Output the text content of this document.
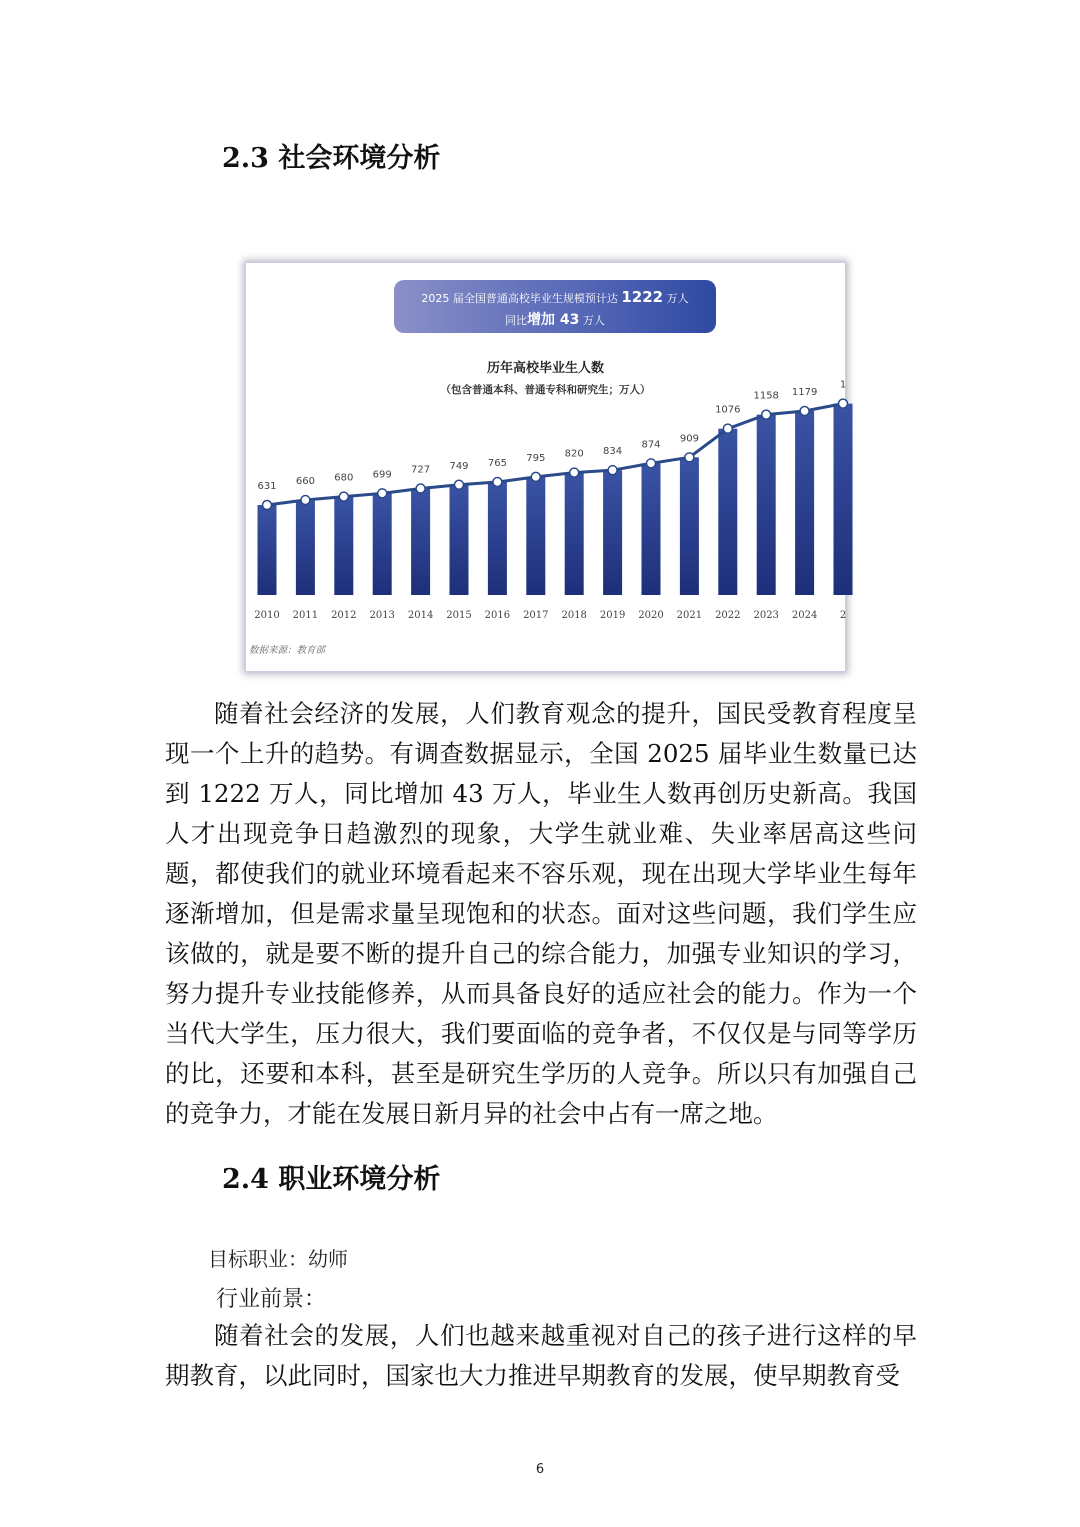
2.3 社会环境分析
2025 届全国普通高校毕业生规模预计达 1222 万人
同比增加 43 万人
历年高校毕业生人数
（包含普通本科、普通专科和研究生；万人）
631
2010
660
2011
680
2012
699
2013
727
2014
749
2015
765
2016
795
2017
820
2018
834
2019
874
2020
909
2021
1076
2022
1158
2023
1179
2024
1
2
数据来源：教育部

随着社会经济的发展，人们教育观念的提升，国民受教育程度呈现一个上升的趋势。有调查数据显示，全国 2025 届毕业生数量已达到 1222 万人，同比增加 43 万人，毕业生人数再创历史新高。我国人才出现竞争日趋激烈的现象，大学生就业难、失业率居高这些问题，都使我们的就业环境看起来不容乐观，现在出现大学毕业生每年逐渐增加，但是需求量呈现饱和的状态。面对这些问题，我们学生应该做的，就是要不断的提升自己的综合能力，加强专业知识的学习，努力提升专业技能修养，从而具备良好的适应社会的能力。作为一个当代大学生，压力很大，我们要面临的竞争者，不仅仅是与同等学历的比，还要和本科，甚至是研究生学历的人竞争。所以只有加强自己的竞争力，才能在发展日新月异的社会中占有一席之地。

2.4 职业环境分析
目标职业：幼师
行业前景：

随着社会的发展，人们也越来越重视对自己的孩子进行这样的早期教育，以此同时，国家也大力推进早期教育的发展，使早期教育受

6
